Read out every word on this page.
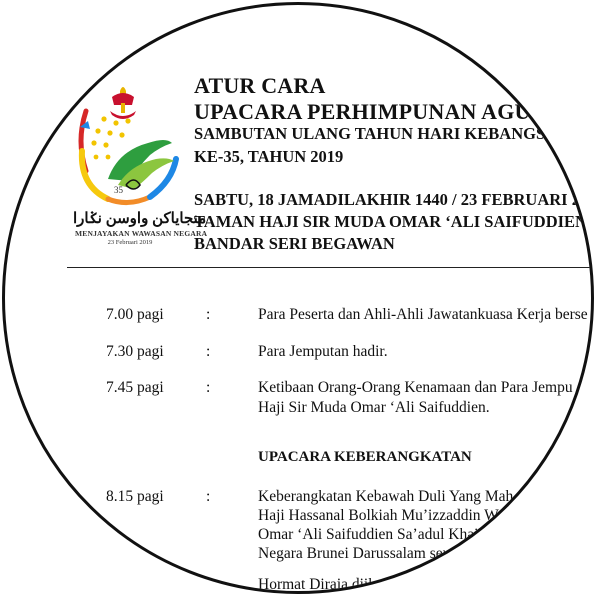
35
منجاياكن واوسن نݢارا
MENJAYAKAN WAWASAN NEGARA
23 Februari 2019
ATUR CARA
UPACARA PERHIMPUNAN AGUNG
SAMBUTAN ULANG TAHUN HARI KEBANGSAAN
KE-35, TAHUN 2019
SABTU, 18 JAMADILAKHIR 1440 / 23 FEBRUARI 20
TAMAN HAJI SIR MUDA OMAR ‘ALI SAIFUDDIEN
BANDAR SERI BEGAWAN
7.00 pagi	:	Para Peserta dan Ahli-Ahli Jawatankuasa Kerja berse
7.30 pagi	:	Para Jemputan hadir.
7.45 pagi	:	Ketibaan Orang-Orang Kenamaan dan Para Jempu
Haji Sir Muda Omar ‘Ali Saifuddien.
UPACARA KEBERANGKATAN
8.15 pagi	:	Keberangkatan Kebawah Duli Yang Mah
Haji Hassanal Bolkiah Mu’izzaddin W
Omar ‘Ali Saifuddien Sa’adul Khair
Negara Brunei Darussalam sert
Hormat Diraja diik
